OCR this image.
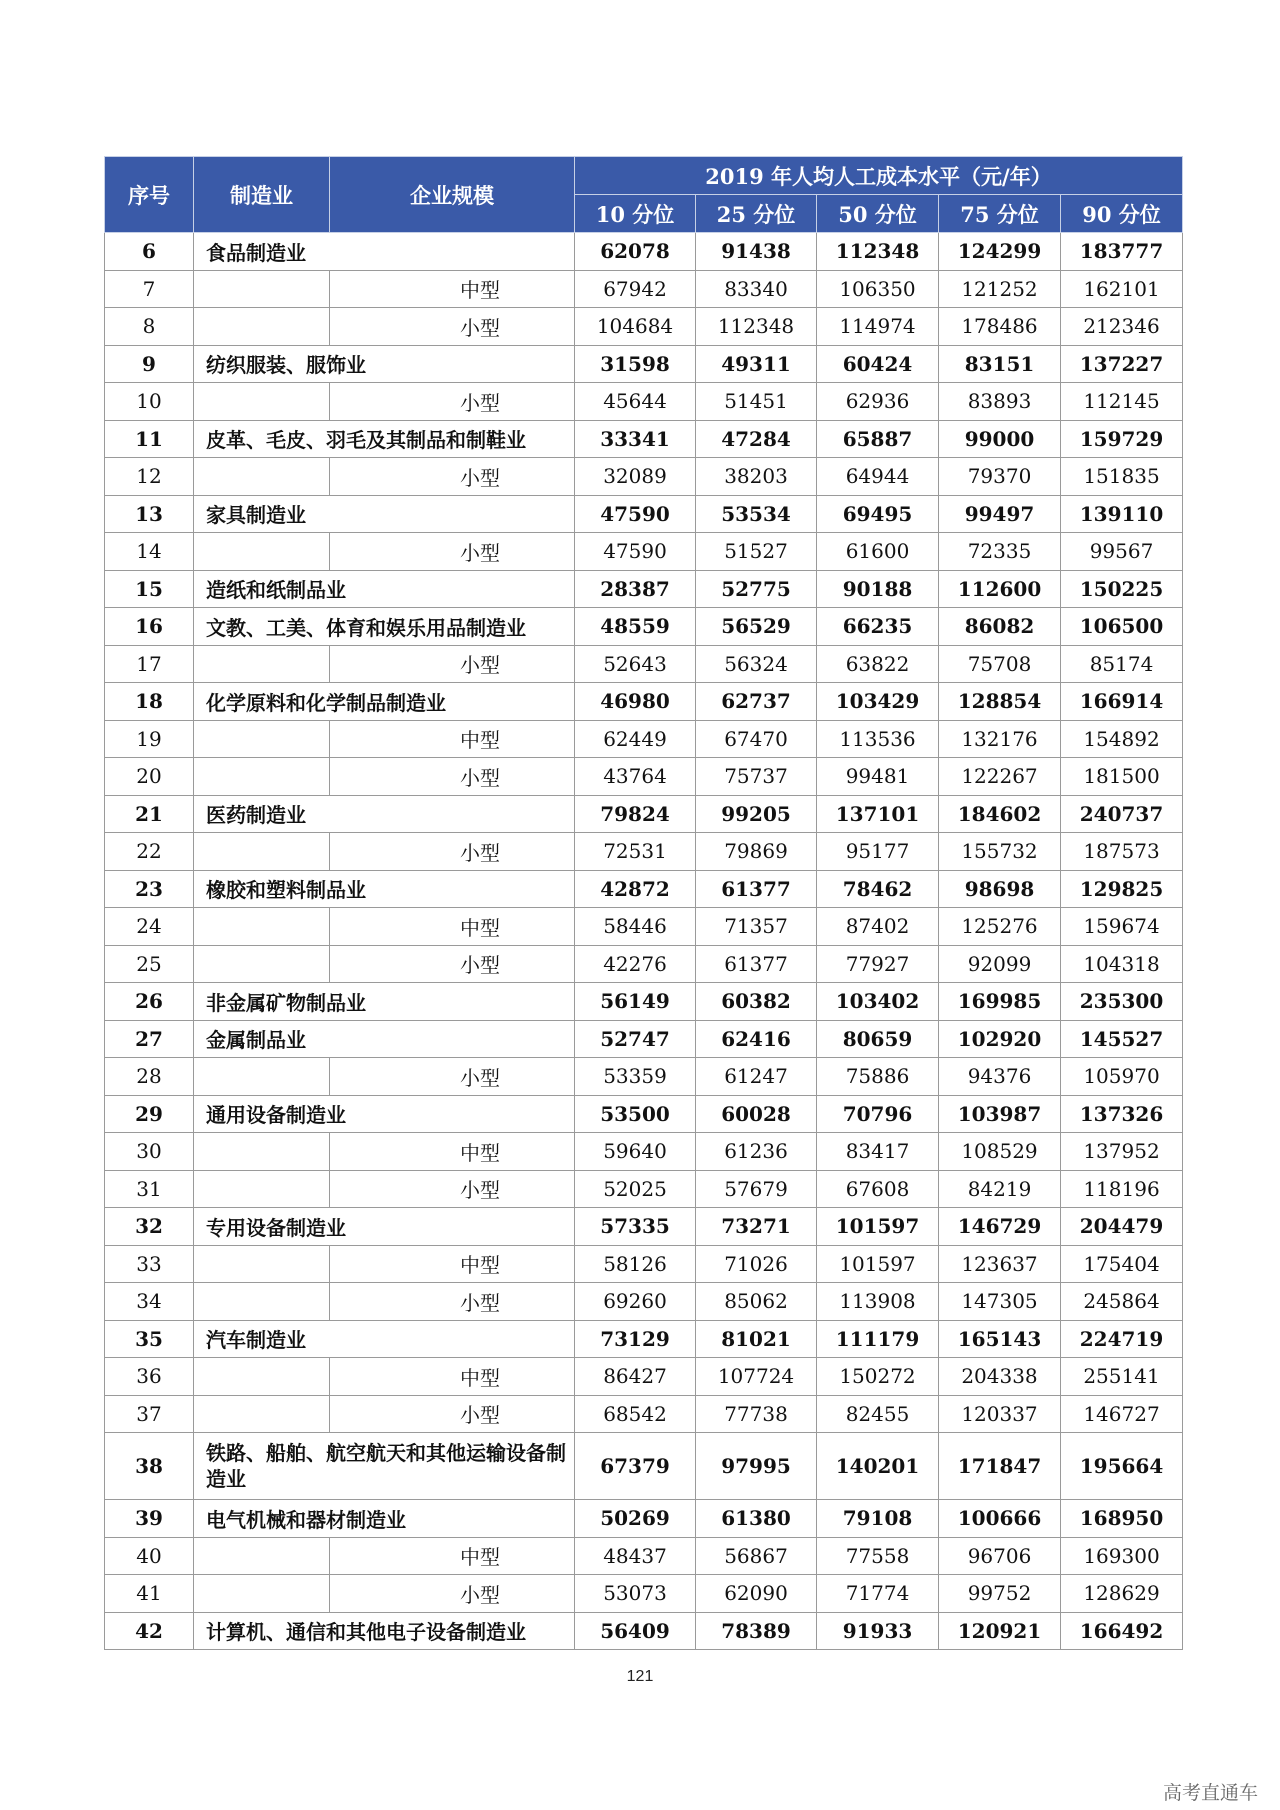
序号	制造业	企业规模	2019 年人均人工成本水平（元/年）				
			10 分位	25 分位	50 分位	75 分位	90 分位
6	食品制造业		62078	91438	112348	124299	183777
7		中型	67942	83340	106350	121252	162101
8		小型	104684	112348	114974	178486	212346
9	纺织服装、服饰业		31598	49311	60424	83151	137227
10		小型	45644	51451	62936	83893	112145
11	皮革、毛皮、羽毛及其制品和制鞋业		33341	47284	65887	99000	159729
12		小型	32089	38203	64944	79370	151835
13	家具制造业		47590	53534	69495	99497	139110
14		小型	47590	51527	61600	72335	99567
15	造纸和纸制品业		28387	52775	90188	112600	150225
16	文教、工美、体育和娱乐用品制造业		48559	56529	66235	86082	106500
17		小型	52643	56324	63822	75708	85174
18	化学原料和化学制品制造业		46980	62737	103429	128854	166914
19		中型	62449	67470	113536	132176	154892
20		小型	43764	75737	99481	122267	181500
21	医药制造业		79824	99205	137101	184602	240737
22		小型	72531	79869	95177	155732	187573
23	橡胶和塑料制品业		42872	61377	78462	98698	129825
24		中型	58446	71357	87402	125276	159674
25		小型	42276	61377	77927	92099	104318
26	非金属矿物制品业		56149	60382	103402	169985	235300
27	金属制品业		52747	62416	80659	102920	145527
28		小型	53359	61247	75886	94376	105970
29	通用设备制造业		53500	60028	70796	103987	137326
30		中型	59640	61236	83417	108529	137952
31		小型	52025	57679	67608	84219	118196
32	专用设备制造业		57335	73271	101597	146729	204479
33		中型	58126	71026	101597	123637	175404
34		小型	69260	85062	113908	147305	245864
35	汽车制造业		73129	81021	111179	165143	224719
36		中型	86427	107724	150272	204338	255141
37		小型	68542	77738	82455	120337	146727
38	铁路、船舶、航空航天和其他运输设备制造业		67379	97995	140201	171847	195664
39	电气机械和器材制造业		50269	61380	79108	100666	168950
40		中型	48437	56867	77558	96706	169300
41		小型	53073	62090	71774	99752	128629
42	计算机、通信和其他电子设备制造业		56409	78389	91933	120921	166492
121
高考直通车
